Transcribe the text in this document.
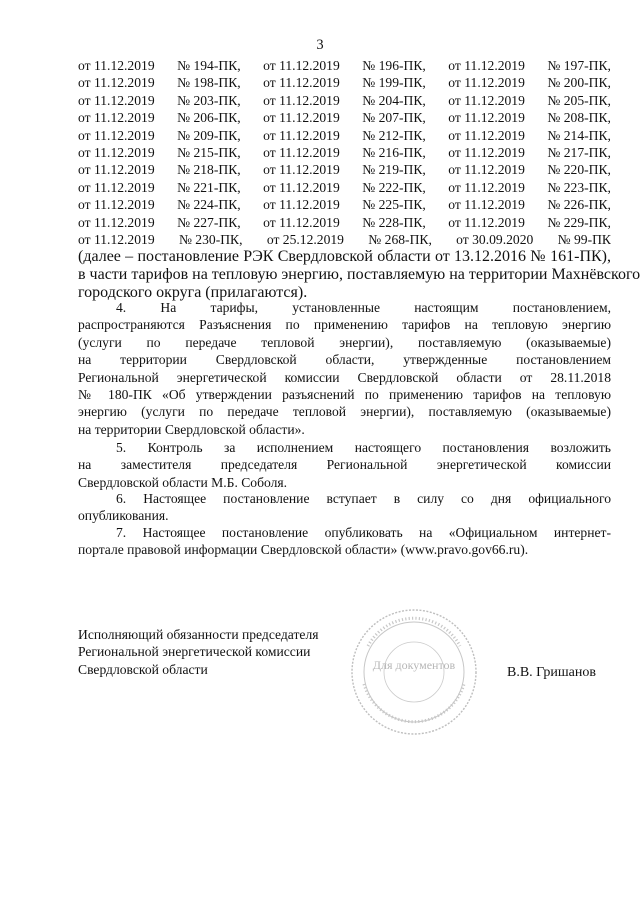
3
от 11.12.2019 № 194-ПК, от 11.12.2019 № 196-ПК, от 11.12.2019 № 197-ПК,
от 11.12.2019 № 198-ПК, от 11.12.2019 № 199-ПК, от 11.12.2019 № 200-ПК,
от 11.12.2019 № 203-ПК, от 11.12.2019 № 204-ПК, от 11.12.2019 № 205-ПК,
от 11.12.2019 № 206-ПК, от 11.12.2019 № 207-ПК, от 11.12.2019 № 208-ПК,
от 11.12.2019 № 209-ПК, от 11.12.2019 № 212-ПК, от 11.12.2019 № 214-ПК,
от 11.12.2019 № 215-ПК, от 11.12.2019 № 216-ПК, от 11.12.2019 № 217-ПК,
от 11.12.2019 № 218-ПК, от 11.12.2019 № 219-ПК, от 11.12.2019 № 220-ПК,
от 11.12.2019 № 221-ПК, от 11.12.2019 № 222-ПК, от 11.12.2019 № 223-ПК,
от 11.12.2019 № 224-ПК, от 11.12.2019 № 225-ПК, от 11.12.2019 № 226-ПК,
от 11.12.2019 № 227-ПК, от 11.12.2019 № 228-ПК, от 11.12.2019 № 229-ПК,
от 11.12.2019 № 230-ПК, от 25.12.2019 № 268-ПК, от 30.09.2020 № 99-ПК
(далее – постановление РЭК Свердловской области от 13.12.2016 № 161-ПК),
в части тарифов на тепловую энергию, поставляемую на территории Махнёвского
городского округа (прилагаются).
4. На тарифы, установленные настоящим постановлением,
распространяются Разъяснения по применению тарифов на тепловую энергию
(услуги по передаче тепловой энергии), поставляемую (оказываемые)
на территории Свердловской области, утвержденные постановлением
Региональной энергетической комиссии Свердловской области от 28.11.2018
№ 180-ПК «Об утверждении разъяснений по применению тарифов на тепловую
энергию (услуги по передаче тепловой энергии), поставляемую (оказываемые)
на территории Свердловской области».
5. Контроль за исполнением настоящего постановления возложить
на заместителя председателя Региональной энергетической комиссии
Свердловской области М.Б. Соболя.
6. Настоящее постановление вступает в силу со дня официального
опубликования.
7. Настоящее постановление опубликовать на «Официальном интернет-
портале правовой информации Свердловской области» (www.pravo.gov66.ru).
Для документов
Исполняющий обязанности председателя
Региональной энергетической комиссии
Свердловской области	В.В. Гришанов
